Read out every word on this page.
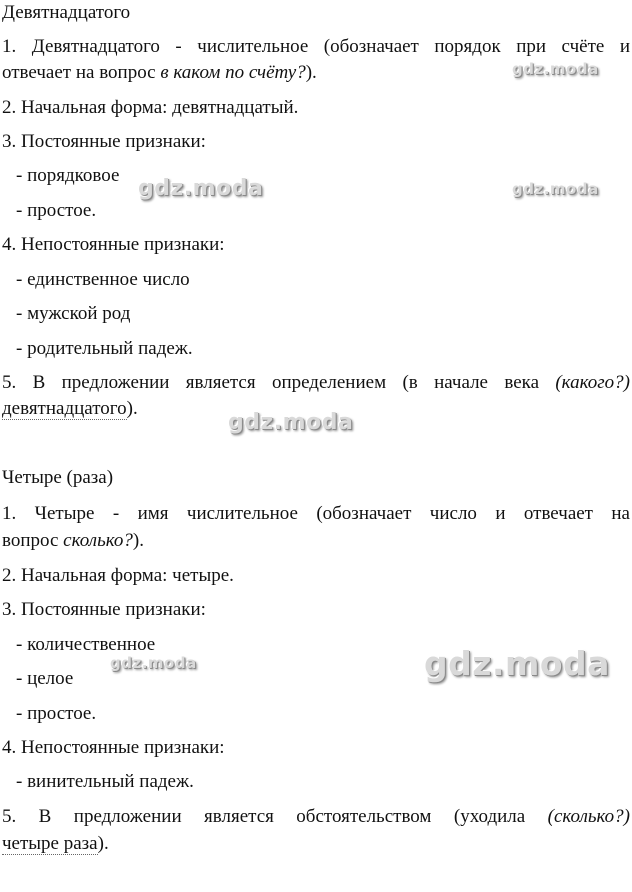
Девятнадцатого
1. Девятнадцатого - числительное (обозначает порядок при счёте и
отвечает на вопрос в каком по счёту?).
2. Начальная форма: девятнадцатый.
3. Постоянные признаки:
- порядковое
- простое.
4. Непостоянные признаки:
- единственное число
- мужской род
- родительный падеж.
5. В предложении является определением (в начале века (какого?)
девятнадцатого).
Четыре (раза)
1. Четыре - имя числительное (обозначает число и отвечает на
вопрос сколько?).
2. Начальная форма: четыре.
3. Постоянные признаки:
- количественное
- целое
- простое.
4. Непостоянные признаки:
- винительный падеж.
5. В предложении является обстоятельством (уходила (сколько?)
четыре раза).
gdz.moda
gdz.moda	gdz.moda
gdz.moda
gdz.moda	gdz.moda
